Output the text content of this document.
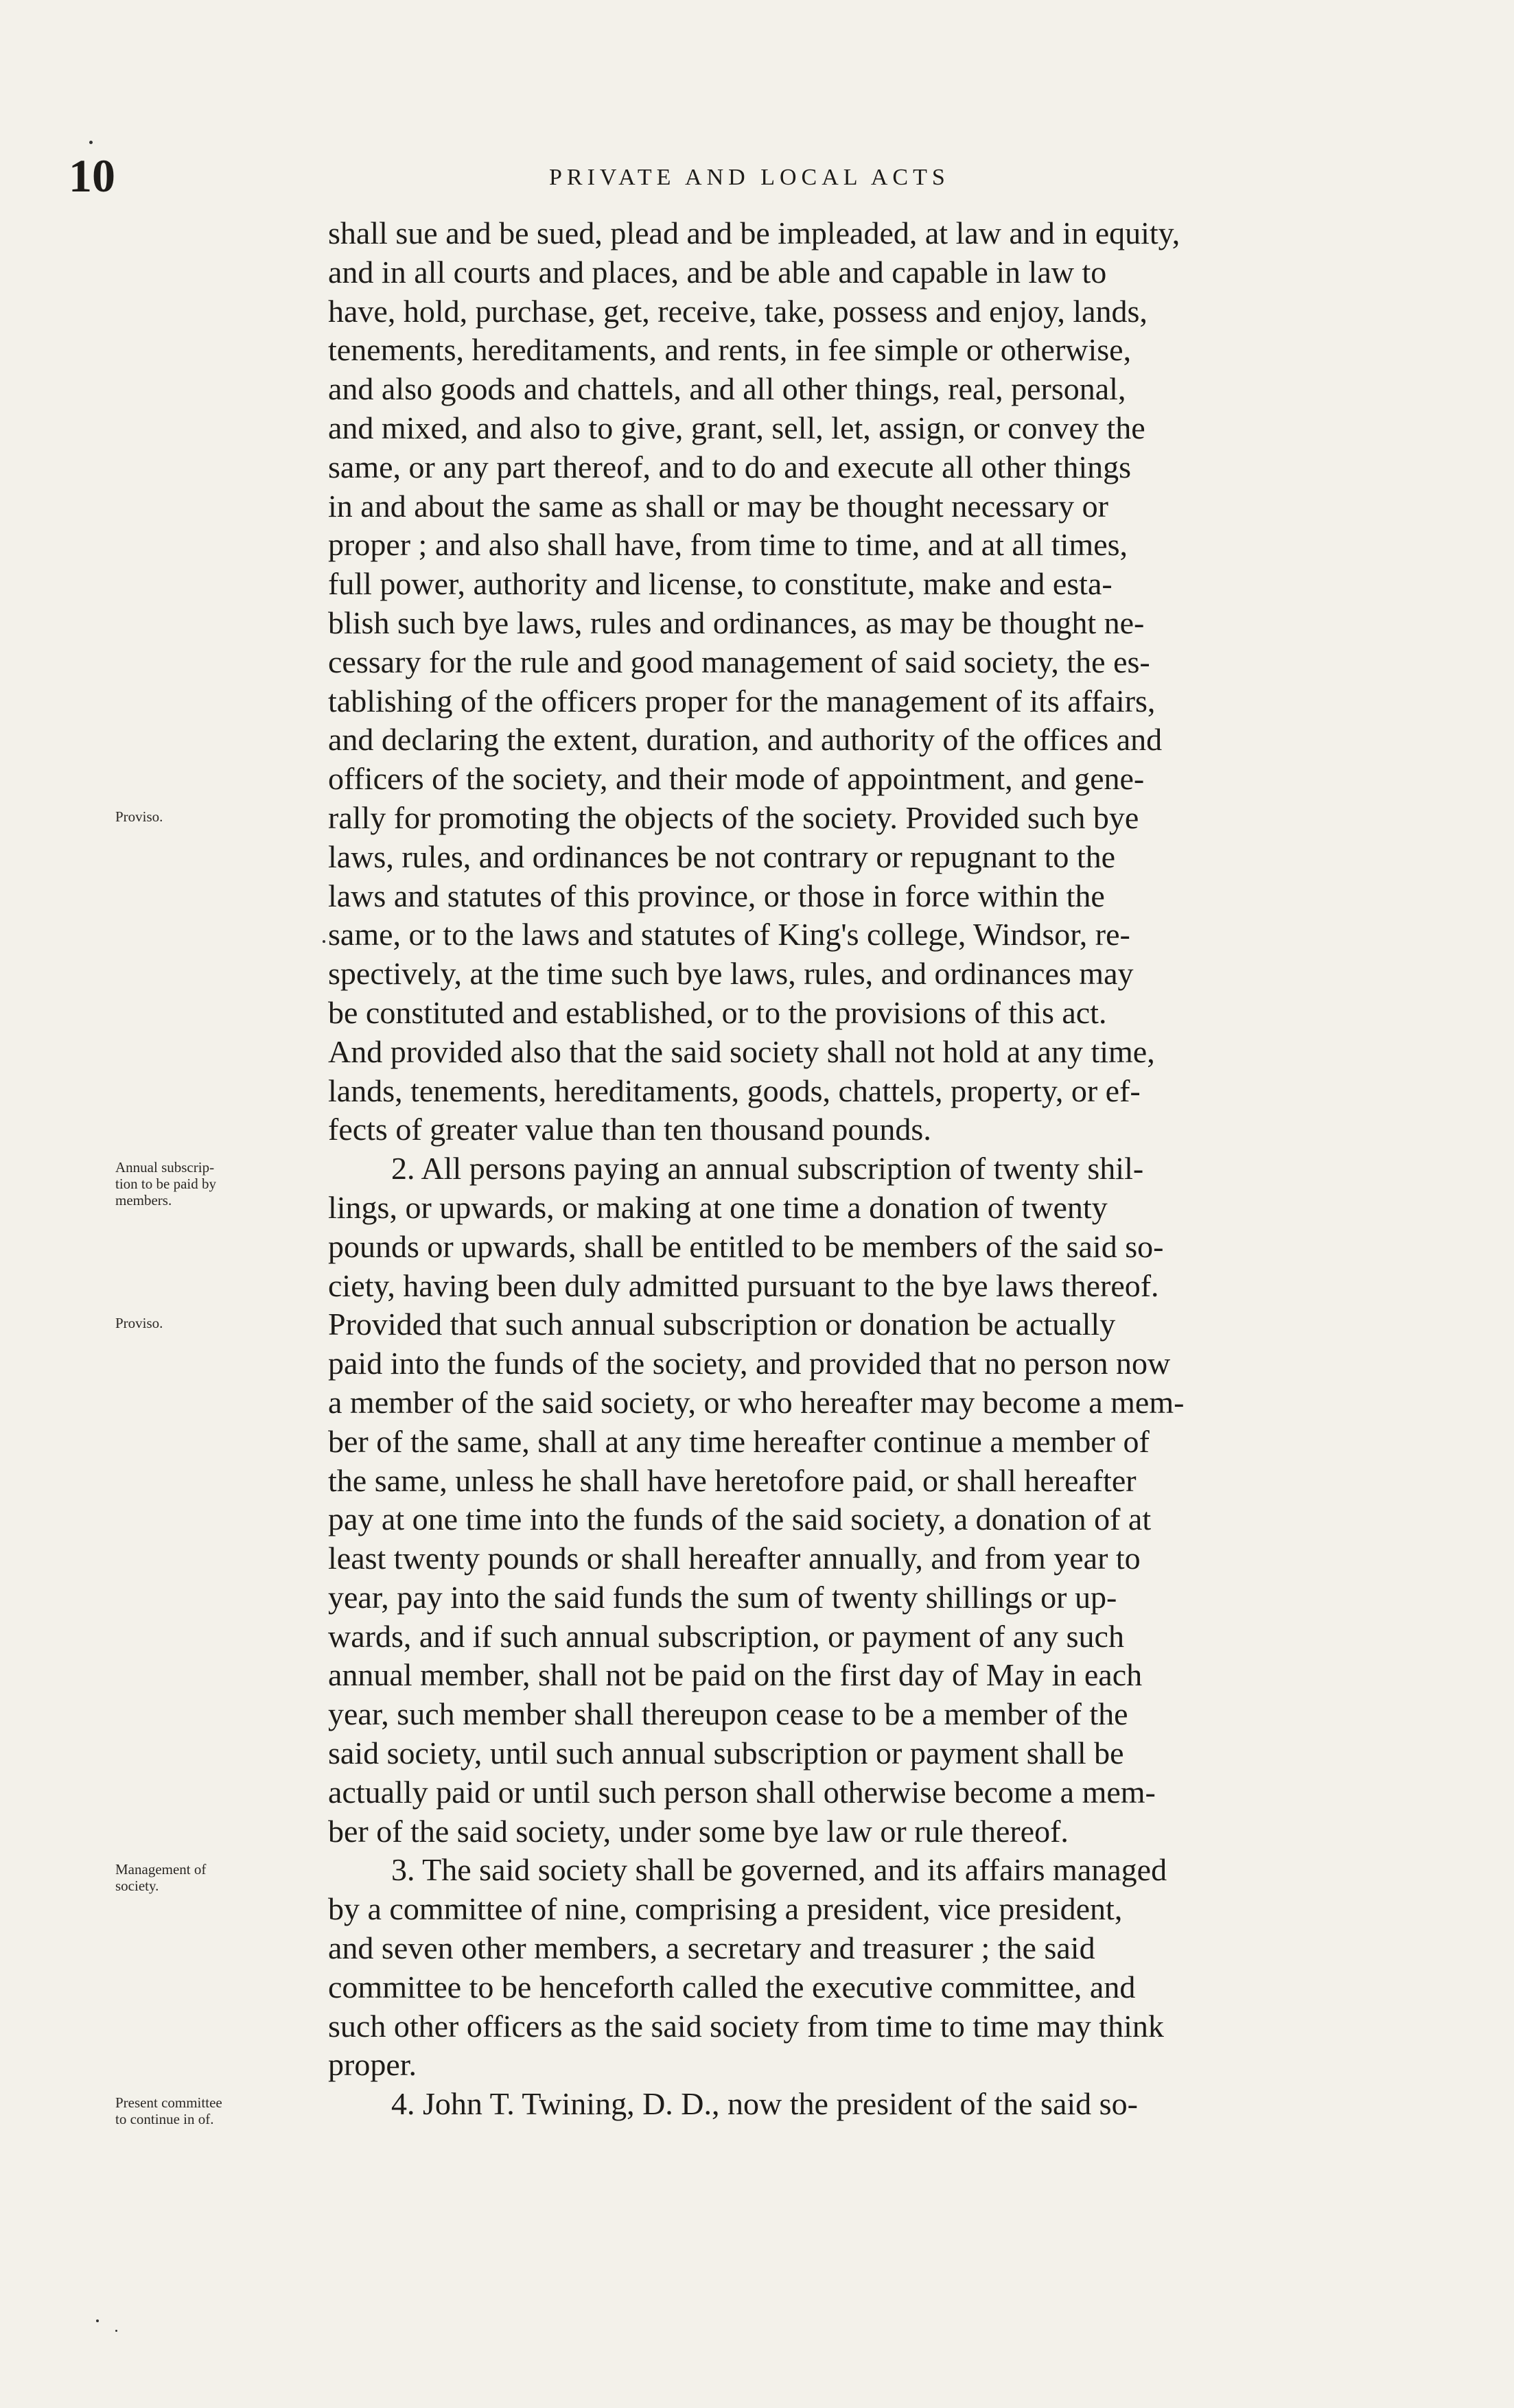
10	PRIVATE AND LOCAL ACTS
shall sue and be sued, plead and be impleaded, at law and in equity,
and in all courts and places, and be able and capable in law to
have, hold, purchase, get, receive, take, possess and enjoy, lands,
tenements, hereditaments, and rents, in fee simple or otherwise,
and also goods and chattels, and all other things, real, personal,
and mixed, and also to give, grant, sell, let, assign, or convey the
same, or any part thereof, and to do and execute all other things
in and about the same as shall or may be thought necessary or
proper ; and also shall have, from time to time, and at all times,
full power, authority and license, to constitute, make and esta-
blish such bye laws, rules and ordinances, as may be thought ne-
cessary for the rule and good management of said society, the es-
tablishing of the officers proper for the management of its affairs,
and declaring the extent, duration, and authority of the offices and
officers of the society, and their mode of appointment, and gene-
rally for promoting the objects of the society. Provided such bye
laws, rules, and ordinances be not contrary or repugnant to the
laws and statutes of this province, or those in force within the
same, or to the laws and statutes of King's college, Windsor, re-
spectively, at the time such bye laws, rules, and ordinances may
be constituted and established, or to the provisions of this act.
And provided also that the said society shall not hold at any time,
lands, tenements, hereditaments, goods, chattels, property, or ef-
fects of greater value than ten thousand pounds.
  2. All persons paying an annual subscription of twenty shil-
lings, or upwards, or making at one time a donation of twenty
pounds or upwards, shall be entitled to be members of the said so-
ciety, having been duly admitted pursuant to the bye laws thereof.
Provided that such annual subscription or donation be actually
paid into the funds of the society, and provided that no person now
a member of the said society, or who hereafter may become a mem-
ber of the same, shall at any time hereafter continue a member of
the same, unless he shall have heretofore paid, or shall hereafter
pay at one time into the funds of the said society, a donation of at
least twenty pounds or shall hereafter annually, and from year to
year, pay into the said funds the sum of twenty shillings or up-
wards, and if such annual subscription, or payment of any such
annual member, shall not be paid on the first day of May in each
year, such member shall thereupon cease to be a member of the
said society, until such annual subscription or payment shall be
actually paid or until such person shall otherwise become a mem-
ber of the said society, under some bye law or rule thereof.
  3. The said society shall be governed, and its affairs managed
by a committee of nine, comprising a president, vice president,
and seven other members, a secretary and treasurer ; the said
committee to be henceforth called the executive committee, and
such other officers as the said society from time to time may think
proper.
  4. John T. Twining, D. D., now the president of the said so-
Proviso.
Annual subscrip-
tion to be paid by
members.
Proviso.
Management of
society.
Present committee
to continue in of.
